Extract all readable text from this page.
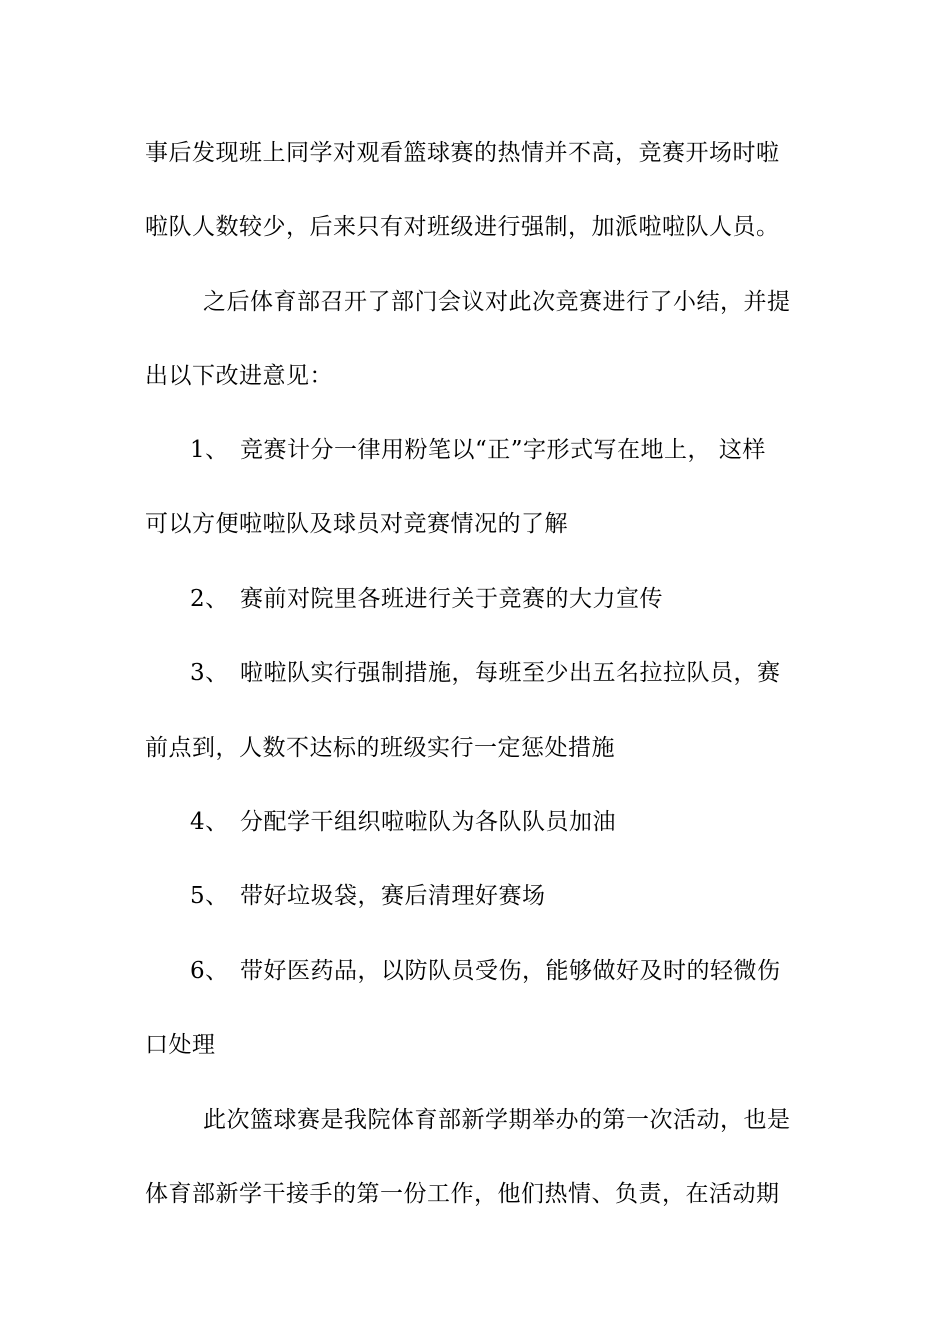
事后发现班上同学对观看篮球赛的热情并不高，竞赛开场时啦
啦队人数较少，后来只有对班级进行强制，加派啦啦队人员。
之后体育部召开了部门会议对此次竞赛进行了小结，并提
出以下改进意见：
1、 竞赛计分一律用粉笔以“正”字形式写在地上， 这样
可以方便啦啦队及球员对竞赛情况的了解
2、 赛前对院里各班进行关于竞赛的大力宣传
3、 啦啦队实行强制措施，每班至少出五名拉拉队员，赛
前点到，人数不达标的班级实行一定惩处措施
4、 分配学干组织啦啦队为各队队员加油
5、 带好垃圾袋，赛后清理好赛场
6、 带好医药品，以防队员受伤，能够做好及时的轻微伤
口处理
此次篮球赛是我院体育部新学期举办的第一次活动，也是
体育部新学干接手的第一份工作，他们热情、负责，在活动期
